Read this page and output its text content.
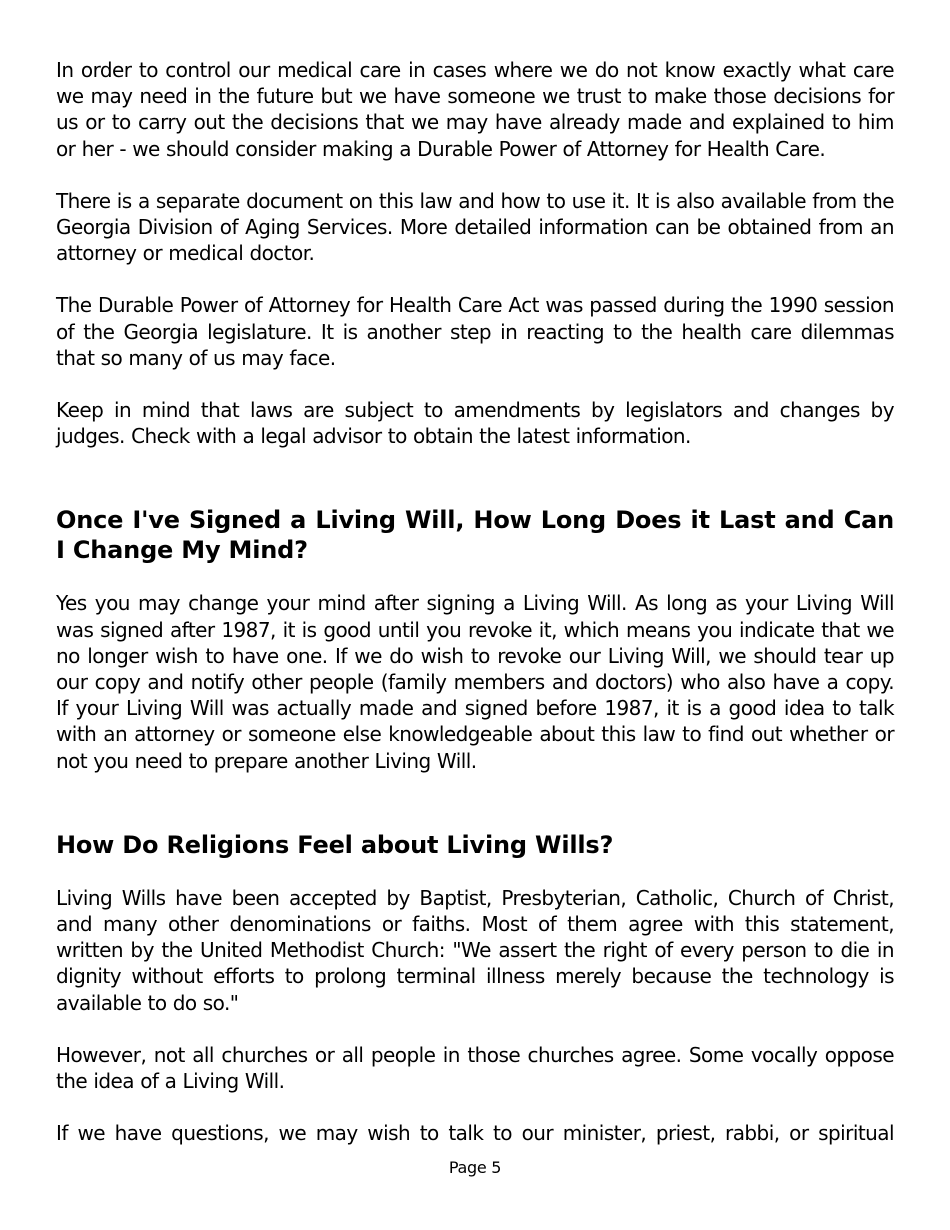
In order to control our medical care in cases where we do not know exactly what care we may need in the future but we have someone we trust to make those decisions for us or to carry out the decisions that we may have already made and explained to him or her - we should consider making a Durable Power of Attorney for Health Care.

There is a separate document on this law and how to use it. It is also available from the Georgia Division of Aging Services. More detailed information can be obtained from an attorney or medical doctor.

The Durable Power of Attorney for Health Care Act was passed during the 1990 session of the Georgia legislature. It is another step in reacting to the health care dilemmas that so many of us may face.

Keep in mind that laws are subject to amendments by legislators and changes by judges. Check with a legal advisor to obtain the latest information.

Once I've Signed a Living Will, How Long Does it Last and Can I Change My Mind?

Yes you may change your mind after signing a Living Will. As long as your Living Will was signed after 1987, it is good until you revoke it, which means you indicate that we no longer wish to have one. If we do wish to revoke our Living Will, we should tear up our copy and notify other people (family members and doctors) who also have a copy. If your Living Will was actually made and signed before 1987, it is a good idea to talk with an attorney or someone else knowledgeable about this law to find out whether or not you need to prepare another Living Will.

How Do Religions Feel about Living Wills?

Living Wills have been accepted by Baptist, Presbyterian, Catholic, Church of Christ, and many other denominations or faiths. Most of them agree with this statement, written by the United Methodist Church: "We assert the right of every person to die in dignity without efforts to prolong terminal illness merely because the technology is available to do so."

However, not all churches or all people in those churches agree. Some vocally oppose the idea of a Living Will.

If we have questions, we may wish to talk to our minister, priest, rabbi, or spiritual

Page 5
